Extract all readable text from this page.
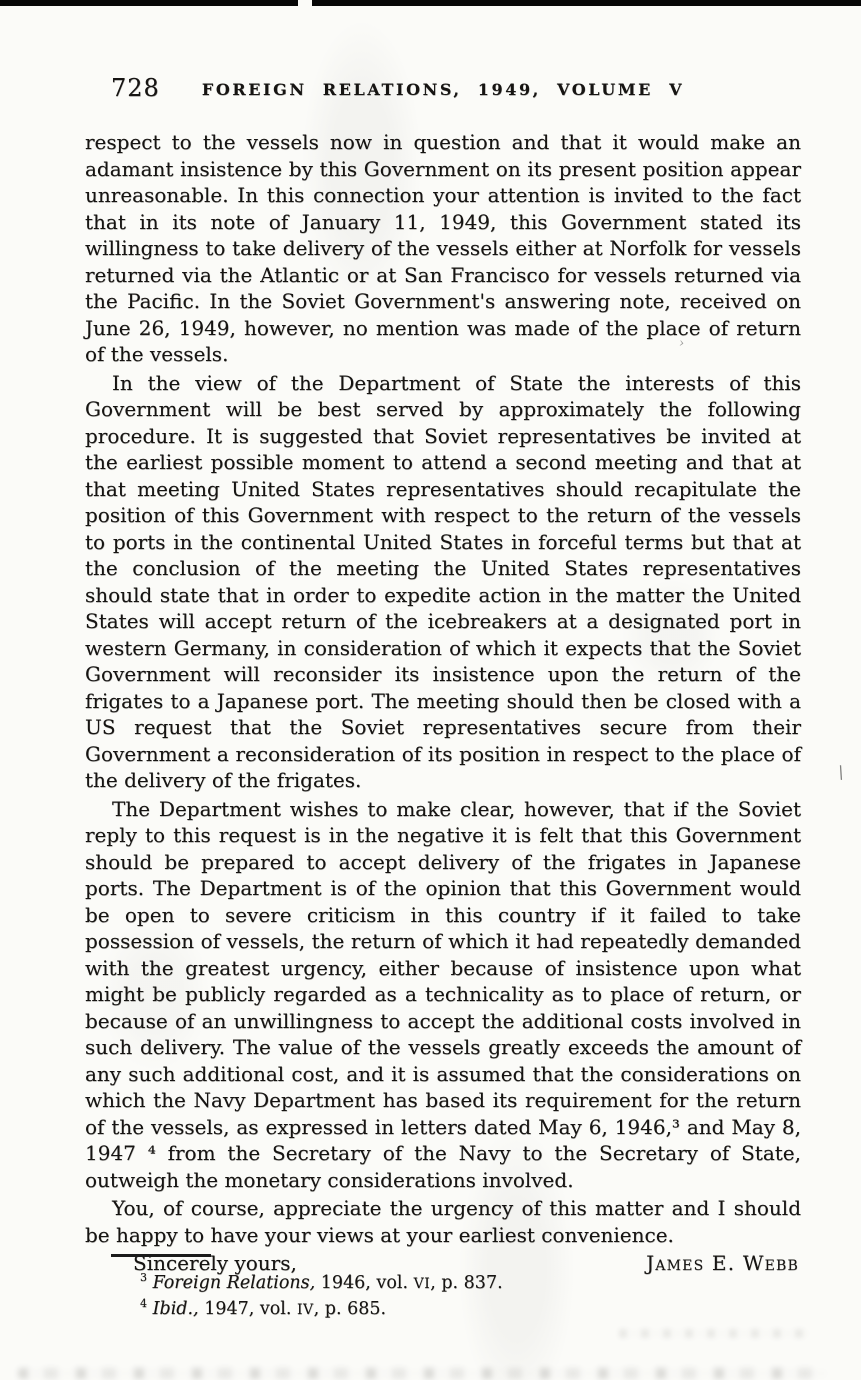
728	FOREIGN RELATIONS, 1949, VOLUME V

respect to the vessels now in question and that it would make an adamant insistence by this Government on its present position appear unreasonable. In this connection your attention is invited to the fact that in its note of January 11, 1949, this Government stated its willingness to take delivery of the vessels either at Norfolk for vessels returned via the Atlantic or at San Francisco for vessels returned via the Pacific. In the Soviet Government's answering note, received on June 26, 1949, however, no mention was made of the place of return of the vessels.

In the view of the Department of State the interests of this Government will be best served by approximately the following procedure. It is suggested that Soviet representatives be invited at the earliest possible moment to attend a second meeting and that at that meeting United States representatives should recapitulate the position of this Government with respect to the return of the vessels to ports in the continental United States in forceful terms but that at the conclusion of the meeting the United States representatives should state that in order to expedite action in the matter the United States will accept return of the icebreakers at a designated port in western Germany, in consideration of which it expects that the Soviet Government will reconsider its insistence upon the return of the frigates to a Japanese port. The meeting should then be closed with a US request that the Soviet representatives secure from their Government a reconsideration of its position in respect to the place of the delivery of the frigates.

The Department wishes to make clear, however, that if the Soviet reply to this request is in the negative it is felt that this Government should be prepared to accept delivery of the frigates in Japanese ports. The Department is of the opinion that this Government would be open to severe criticism in this country if it failed to take possession of vessels, the return of which it had repeatedly demanded with the greatest urgency, either because of insistence upon what might be publicly regarded as a technicality as to place of return, or because of an unwillingness to accept the additional costs involved in such delivery. The value of the vessels greatly exceeds the amount of any such additional cost, and it is assumed that the considerations on which the Navy Department has based its requirement for the return of the vessels, as expressed in letters dated May 6, 1946,³ and May 8, 1947 ⁴ from the Secretary of the Navy to the Secretary of State, outweigh the monetary considerations involved.

You, of course, appreciate the urgency of this matter and I should be happy to have your views at your earliest convenience.

Sincerely yours,	James E. Webb

$^3$ Foreign Relations, 1946, vol. VI, p. 837.

$^4$ Ibid., 1947, vol. IV, p. 685.

›
\
